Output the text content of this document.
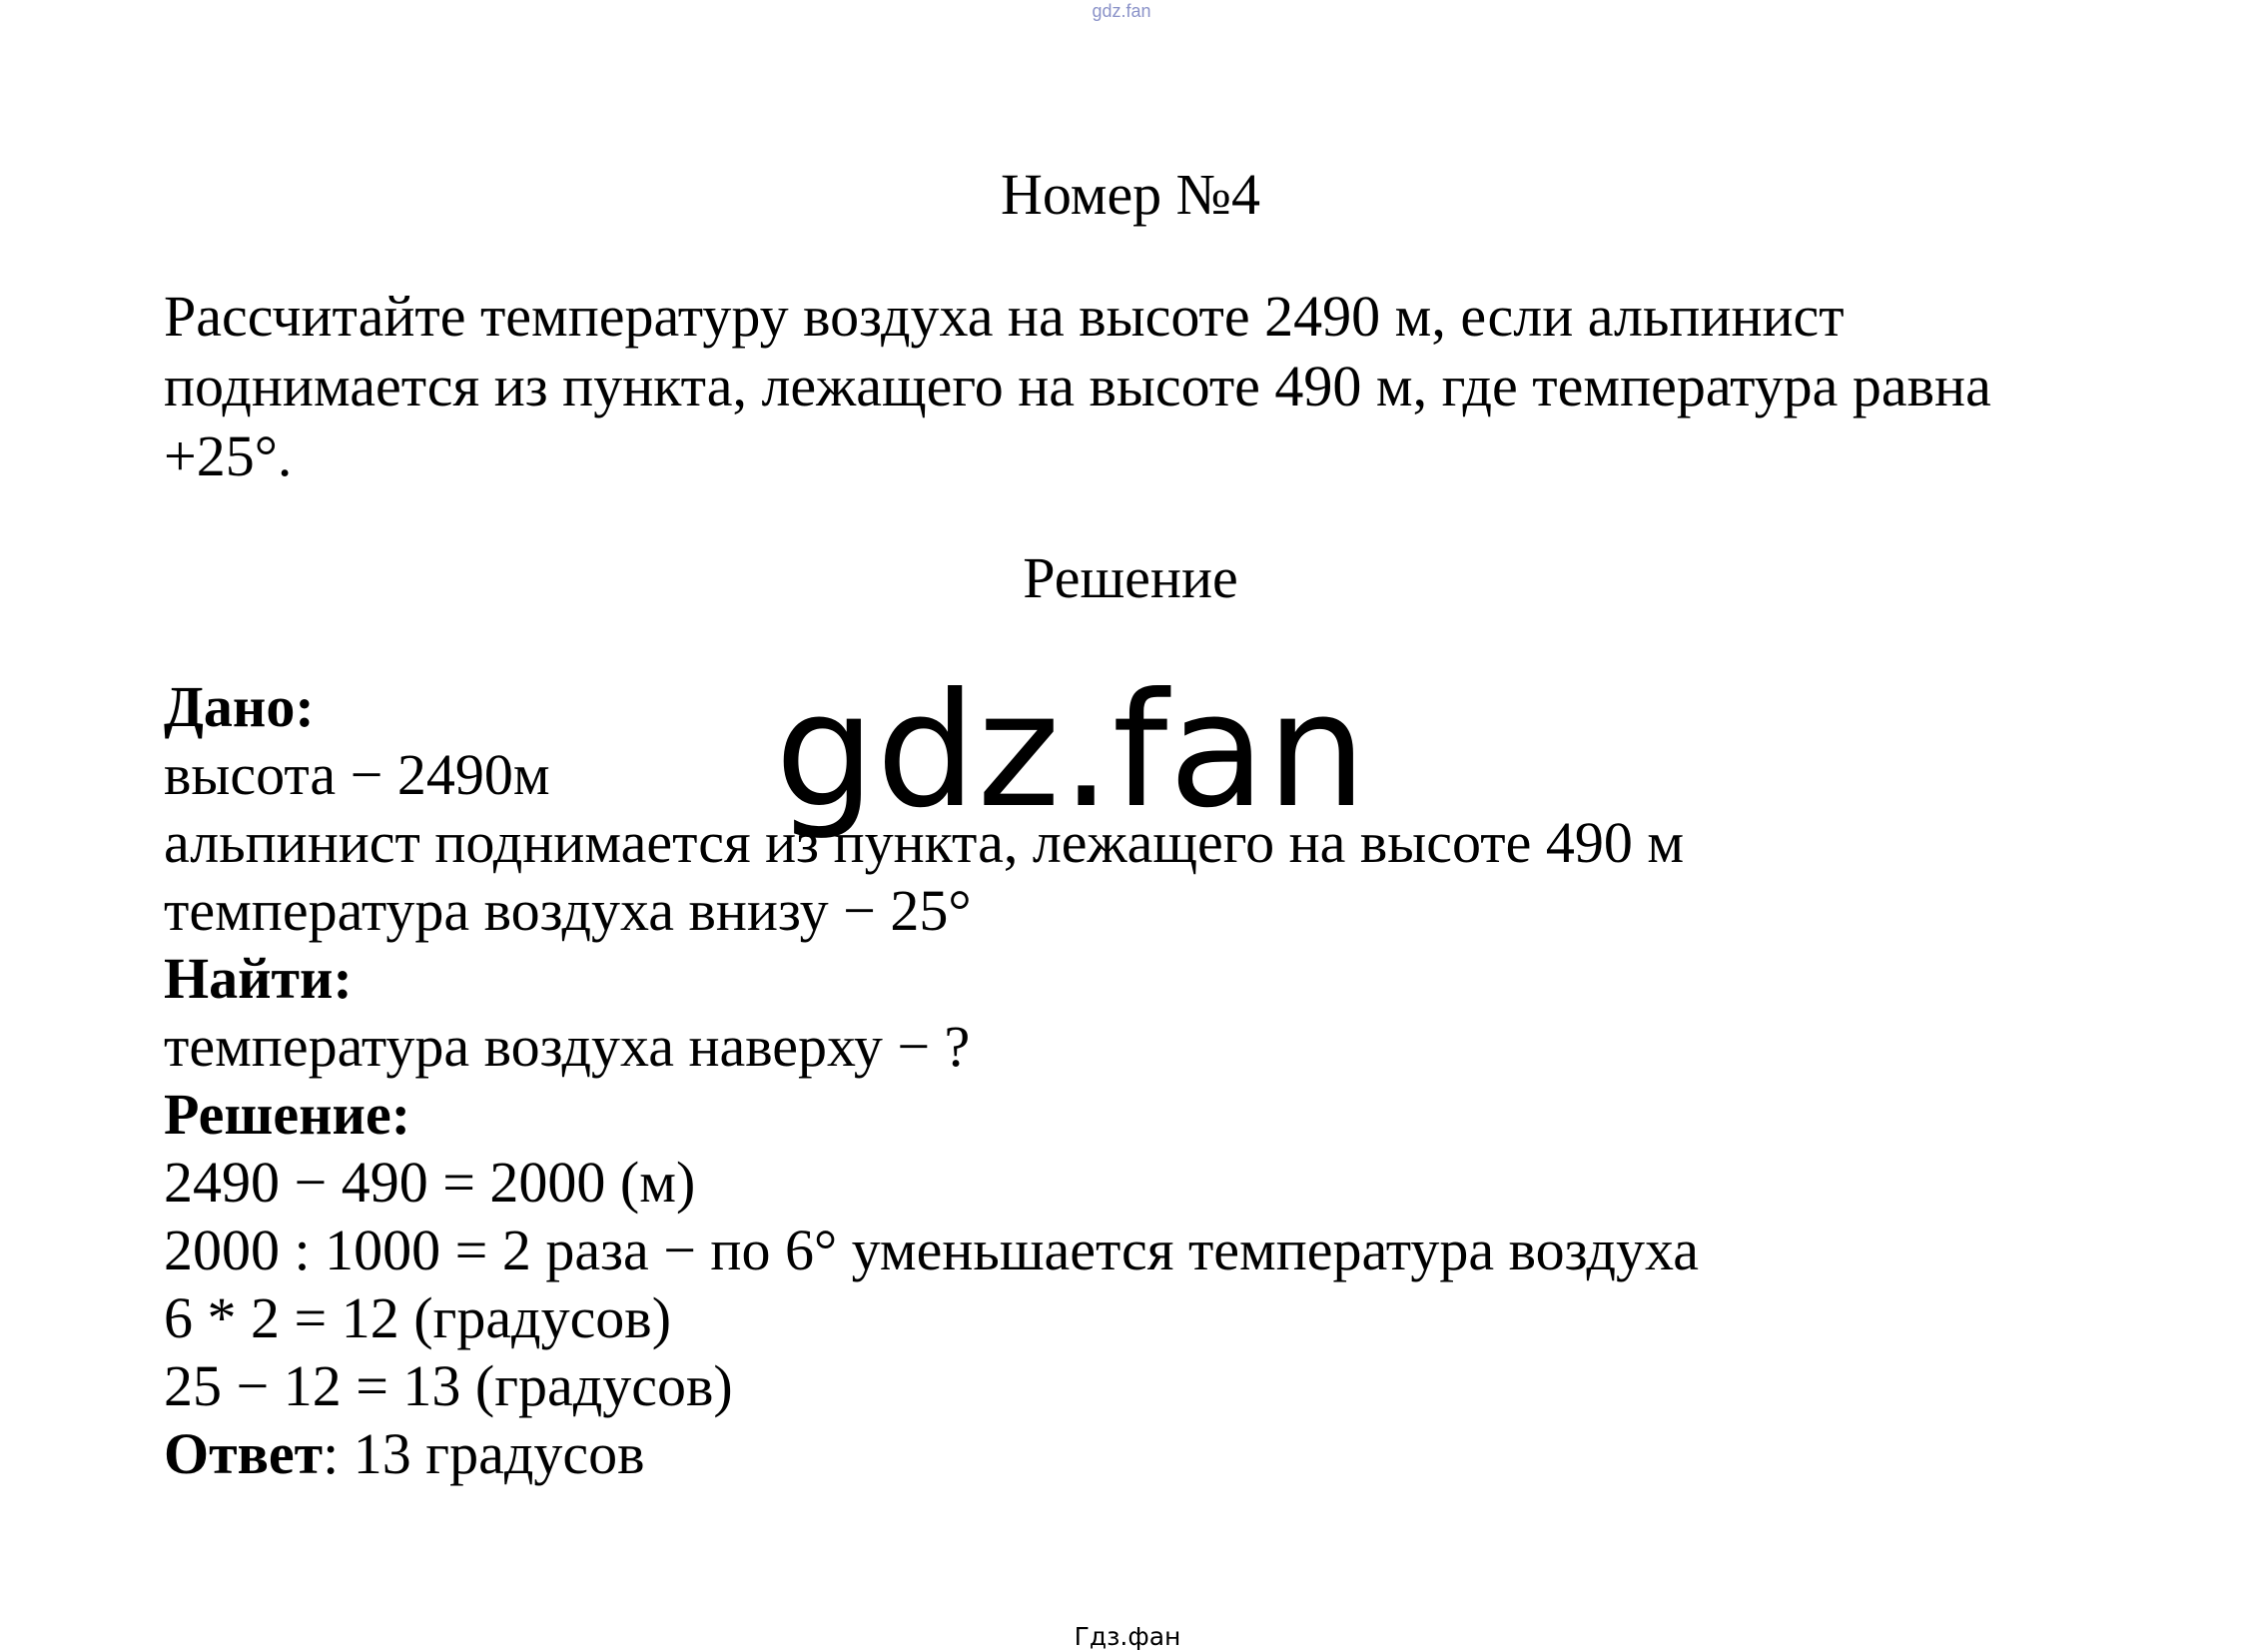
gdz.fan
Номер №4
Рассчитайте температуру воздуха на высоте 2490 м, если альпинист
поднимается из пункта, лежащего на высоте 490 м, где температура равна
+25°.
Решение
Дано:
высота − 2490м
альпинист поднимается из пункта, лежащего на высоте 490 м
температура воздуха внизу − 25°
Найти:
температура воздуха наверху − ?
Решение:
2490 − 490 = 2000 (м)
2000 : 1000 = 2 раза − по 6° уменьшается температура воздуха
6 * 2 = 12 (градусов)
25 − 12 = 13 (градусов)
Ответ: 13 градусов
gdz.fan
Гдз.фан
